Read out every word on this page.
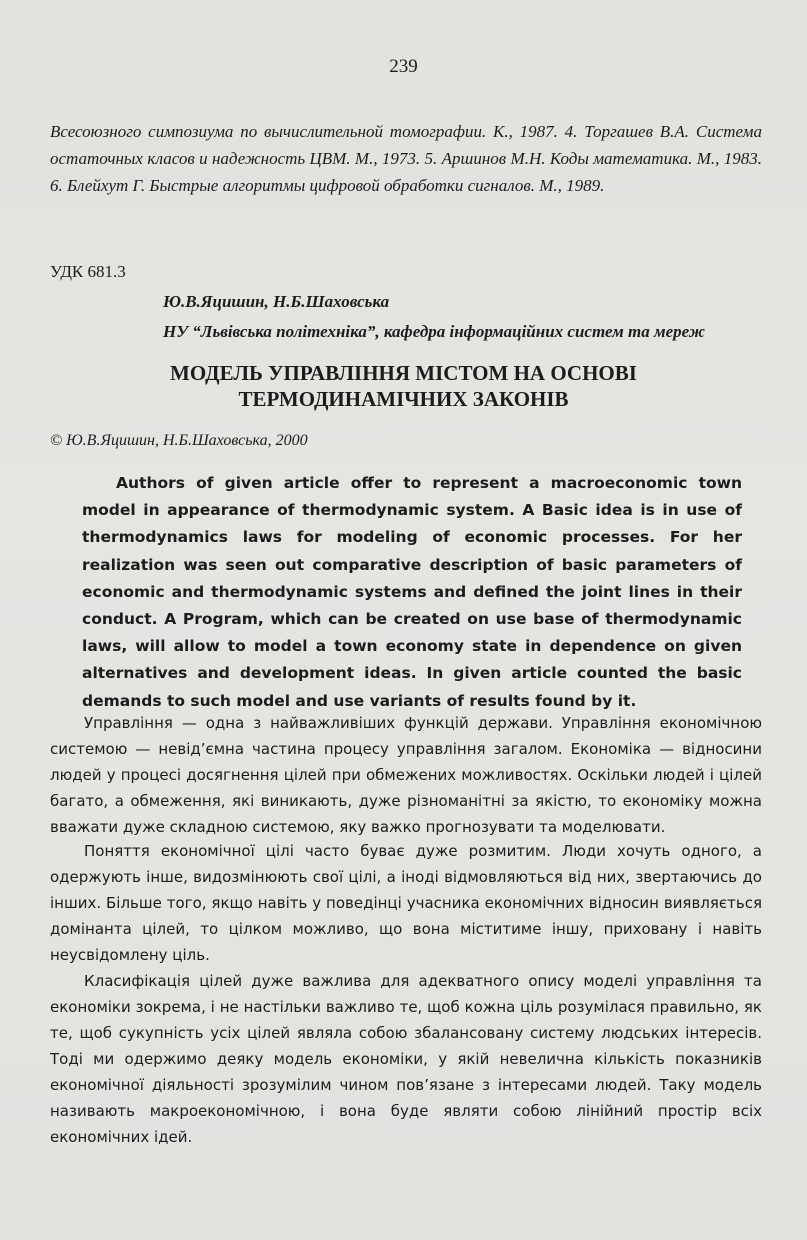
239

Всесоюзного симпозиума по вычислительной томографии. К., 1987. 4. Торгашев В.А. Система остаточных класов и надежность ЦВМ. М., 1973. 5. Аршинов М.Н. Коды математика. М., 1983. 6. Блейхут Г. Быстрые алгоритмы цифровой обработки сигналов. М., 1989.

УДК 681.3
Ю.В.Яцишин, Н.Б.Шаховська
НУ “Львівська політехніка”, кафедра інформаційних систем та мереж
МОДЕЛЬ УПРАВЛІННЯ МІСТОМ НА ОСНОВІ
ТЕРМОДИНАМІЧНИХ ЗАКОНІВ
© Ю.В.Яцишин, Н.Б.Шаховська, 2000

Authors of given article offer to represent a macroeconomic town model in appearance of thermodynamic system. A Basic idea is in use of thermodynamics laws for modeling of economic processes. For her realization was seen out comparative description of basic parameters of economic and thermodynamic systems and defined the joint lines in their conduct. A Program, which can be created on use base of thermodynamic laws, will allow to model a town economy state in dependence on given alternatives and development ideas. In given article counted the basic demands to such model and use variants of results found by it.

Управління — одна з найважливіших функцій держави. Управління економічною системою — невід’ємна частина процесу управління загалом. Економіка — відносини людей у процесі досягнення цілей при обмежених можливостях. Оскільки людей і цілей багато, а обмеження, які виникають, дуже різноманітні за якістю, то економіку можна вважати дуже складною системою, яку важко прогнозувати та моделювати.

Поняття економічної цілі часто буває дуже розмитим. Люди хочуть одного, а одержують інше, видозмінюють свої цілі, а іноді відмовляються від них, звертаючись до інших. Більше того, якщо навіть у поведінці учасника економічних відносин виявляється домінанта цілей, то цілком можливо, що вона міститиме іншу, приховану і навіть неусвідомлену ціль.

Класифікація цілей дуже важлива для адекватного опису моделі управління та економіки зокрема, і не настільки важливо те, щоб кожна ціль розумілася правильно, як те, щоб сукупність усіх цілей являла собою збалансовану систему людських інтересів. Тоді ми одержимо деяку модель економіки, у якій невелична кількість показників економічної діяльності зрозумілим чином пов’язане з інтересами людей. Таку модель називають макроекономічною, і вона буде являти собою лінійний простір всіх економічних ідей.
